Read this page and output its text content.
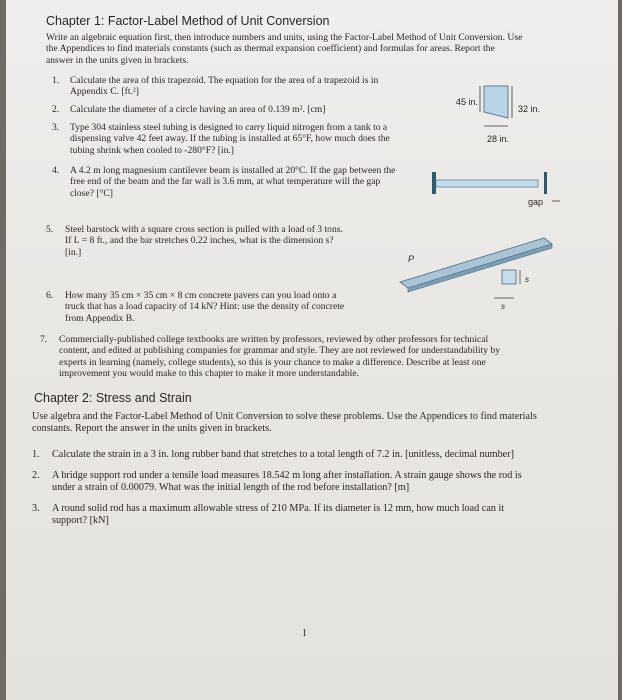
Chapter 1: Factor-Label Method of Unit Conversion
Write an algebraic equation first, then introduce numbers and units, using the Factor-Label Method of Unit Conversion. Use
the Appendices to find materials constants (such as thermal expansion coefficient) and formulas for areas. Report the
answer in the units given in brackets.
1. Calculate the area of this trapezoid. The equation for the area of a trapezoid is in
Appendix C. [ft.²]
2. Calculate the diameter of a circle having an area of 0.139 m². [cm]
3. Type 304 stainless steel tubing is designed to carry liquid nitrogen from a tank to a
dispensing valve 42 feet away. If the tubing is installed at 65°F, how much does the
tubing shrink when cooled to -280°F? [in.]
45 in.
32 in.
28 in.
4. A 4.2 m long magnesium cantilever beam is installed at 20°C. If the gap between the
free end of the beam and the far wall is 3.6 mm, at what temperature will the gap
close? [°C]
gap
5. Steel barstock with a square cross section is pulled with a load of 3 tons.
If L = 8 ft., and the bar stretches 0.22 inches, what is the dimension s?
[in.]
P
s
s
6. How many 35 cm × 35 cm × 8 cm concrete pavers can you load onto a
truck that has a load capacity of 14 kN? Hint: use the density of concrete
from Appendix B.
7. Commercially-published college textbooks are written by professors, reviewed by other professors for technical
content, and edited at publishing companies for grammar and style. They are not reviewed for understandability by
experts in learning (namely, college students), so this is your chance to make a difference. Describe at least one
improvement you would make to this chapter to make it more understandable.
Chapter 2: Stress and Strain
Use algebra and the Factor-Label Method of Unit Conversion to solve these problems. Use the Appendices to find materials
constants. Report the answer in the units given in brackets.
1. Calculate the strain in a 3 in. long rubber band that stretches to a total length of 7.2 in. [unitless, decimal number]
2. A bridge support rod under a tensile load measures 18.542 m long after installation. A strain gauge shows the rod is
under a strain of 0.00079. What was the initial length of the rod before installation? [m]
3. A round solid rod has a maximum allowable stress of 210 MPa. If its diameter is 12 mm, how much load can it
support? [kN]
1
